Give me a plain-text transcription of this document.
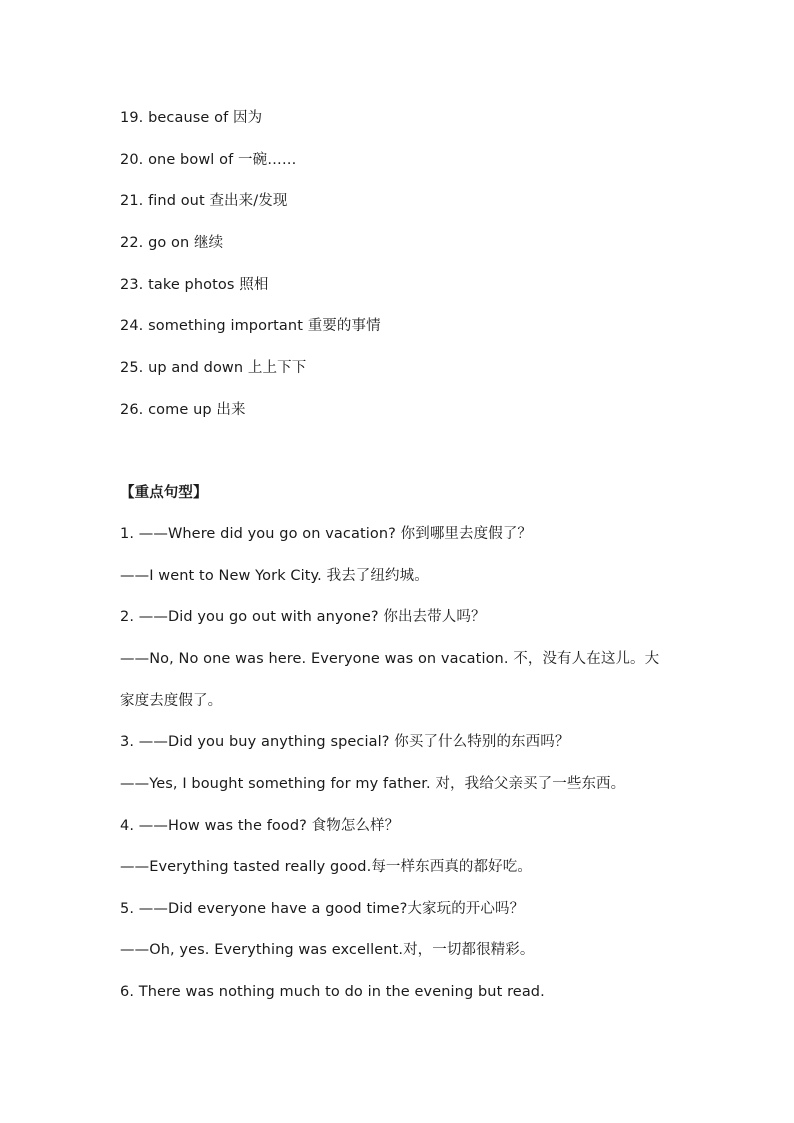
19. because of 因为
20. one bowl of 一碗……
21. find out 查出来/发现
22. go on 继续
23. take photos 照相
24. something important 重要的事情
25. up and down 上上下下
26. come up 出来
【重点句型】
1. ——Where did you go on vacation? 你到哪里去度假了？
——I went to New York City. 我去了纽约城。
2. ——Did you go out with anyone? 你出去带人吗？
——No, No one was here. Everyone was on vacation. 不，没有人在这儿。大
家度去度假了。
3. ——Did you buy anything special? 你买了什么特别的东西吗？
——Yes, I bought something for my father. 对，我给父亲买了一些东西。
4. ——How was the food? 食物怎么样？
——Everything tasted really good.每一样东西真的都好吃。
5. ——Did everyone have a good time?大家玩的开心吗？
——Oh, yes. Everything was excellent.对，一切都很精彩。
6. There was nothing much to do in the evening but read.
